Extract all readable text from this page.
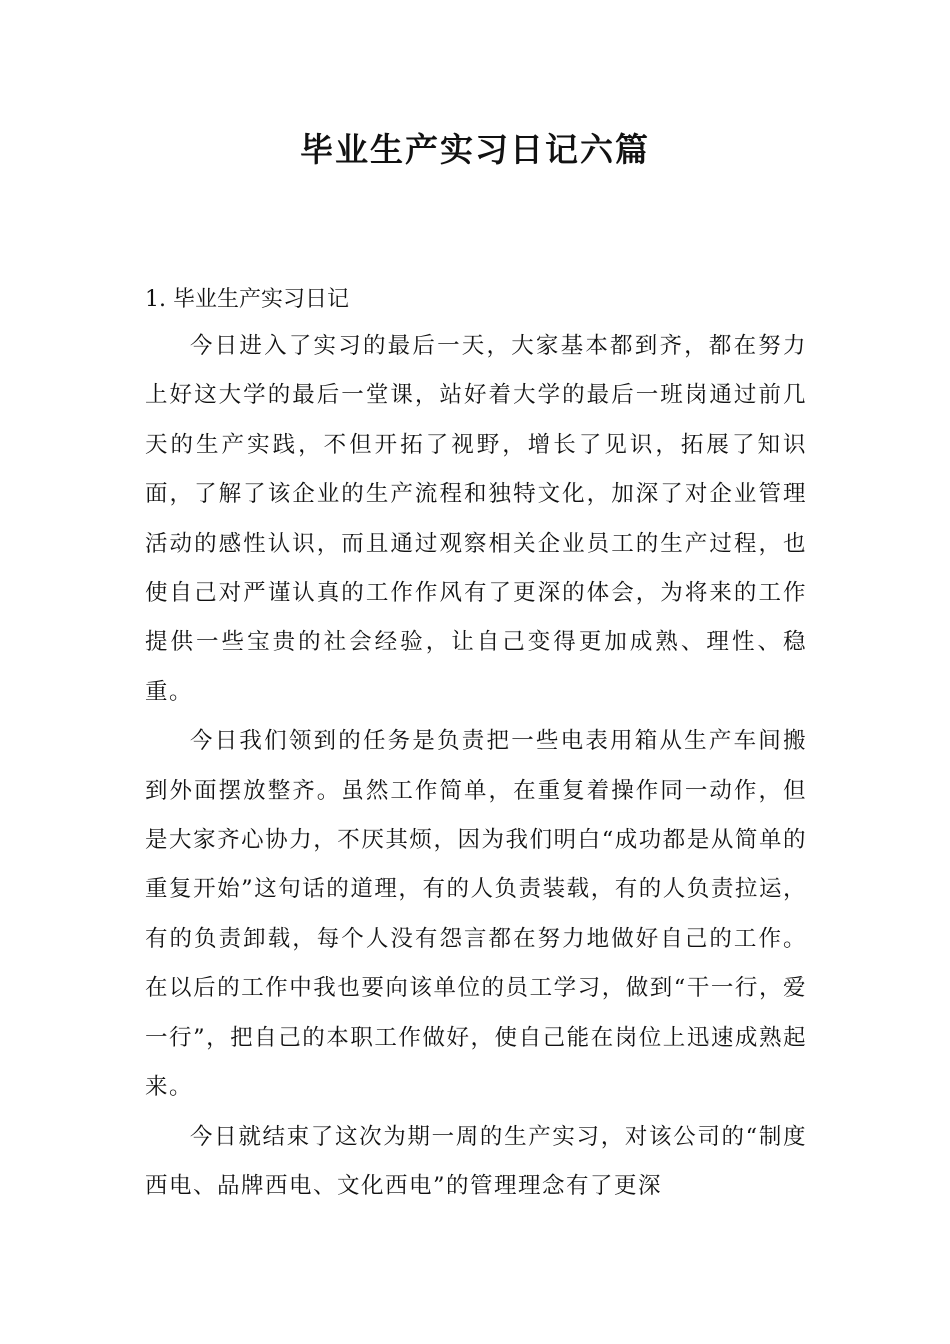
毕业生产实习日记六篇
1. 毕业生产实习日记

今日进入了实习的最后一天，大家基本都到齐，都在努力上好这大学的最后一堂课，站好着大学的最后一班岗通过前几天的生产实践，不但开拓了视野，增长了见识，拓展了知识面，了解了该企业的生产流程和独特文化，加深了对企业管理活动的感性认识，而且通过观察相关企业员工的生产过程，也使自己对严谨认真的工作作风有了更深的体会，为将来的工作提供一些宝贵的社会经验，让自己变得更加成熟、理性、稳重。

今日我们领到的任务是负责把一些电表用箱从生产车间搬到外面摆放整齐。虽然工作简单，在重复着操作同一动作，但是大家齐心协力，不厌其烦，因为我们明白“成功都是从简单的重复开始”这句话的道理，有的人负责装载，有的人负责拉运，有的负责卸载，每个人没有怨言都在努力地做好自己的工作。在以后的工作中我也要向该单位的员工学习，做到“干一行，爱一行”，把自己的本职工作做好，使自己能在岗位上迅速成熟起来。

今日就结束了这次为期一周的生产实习，对该公司的“制度西电、品牌西电、文化西电”的管理理念有了更深
